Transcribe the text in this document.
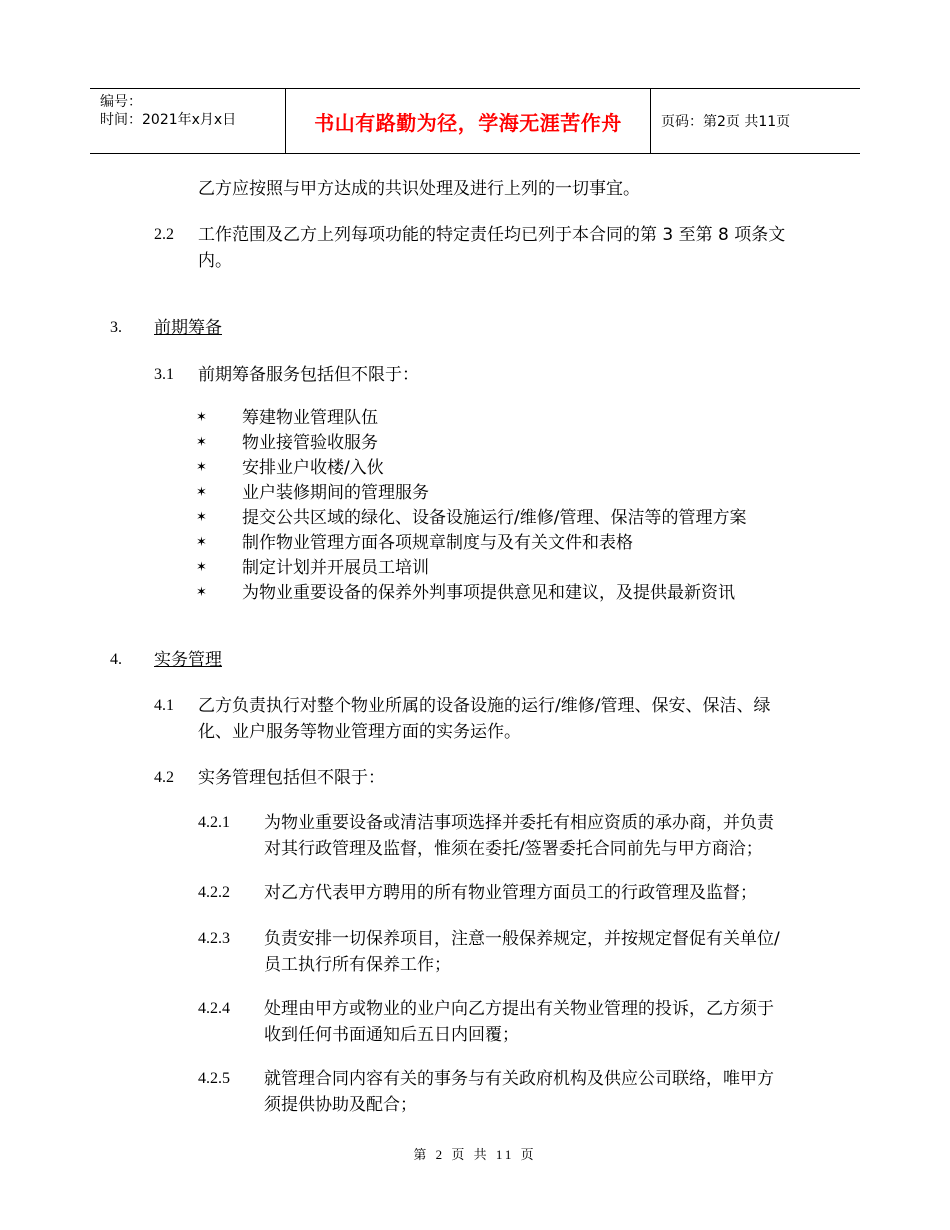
编号：
时间：2021年x月x日	书山有路勤为径，学海无涯苦作舟	页码：第2页 共11页
乙方应按照与甲方达成的共识处理及进行上列的一切事宜。
2.2 工作范围及乙方上列每项功能的特定责任均已列于本合同的第 3 至第 8 项条文
内。
3. 前期筹备
3.1 前期筹备服务包括但不限于：
✶ 筹建物业管理队伍
✶ 物业接管验收服务
✶ 安排业户收楼/入伙
✶ 业户装修期间的管理服务
✶ 提交公共区域的绿化、设备设施运行/维修/管理、保洁等的管理方案
✶ 制作物业管理方面各项规章制度与及有关文件和表格
✶ 制定计划并开展员工培训
✶ 为物业重要设备的保养外判事项提供意见和建议，及提供最新资讯
4. 实务管理
4.1 乙方负责执行对整个物业所属的设备设施的运行/维修/管理、保安、保洁、绿
化、业户服务等物业管理方面的实务运作。
4.2 实务管理包括但不限于：
4.2.1 为物业重要设备或清洁事项选择并委托有相应资质的承办商，并负责
对其行政管理及监督，惟须在委托/签署委托合同前先与甲方商洽；
4.2.2 对乙方代表甲方聘用的所有物业管理方面员工的行政管理及监督；
4.2.3 负责安排一切保养项目，注意一般保养规定，并按规定督促有关单位/
员工执行所有保养工作；
4.2.4 处理由甲方或物业的业户向乙方提出有关物业管理的投诉，乙方须于
收到任何书面通知后五日内回覆；
4.2.5 就管理合同内容有关的事务与有关政府机构及供应公司联络，唯甲方
须提供协助及配合；
第 2 页 共 11 页
